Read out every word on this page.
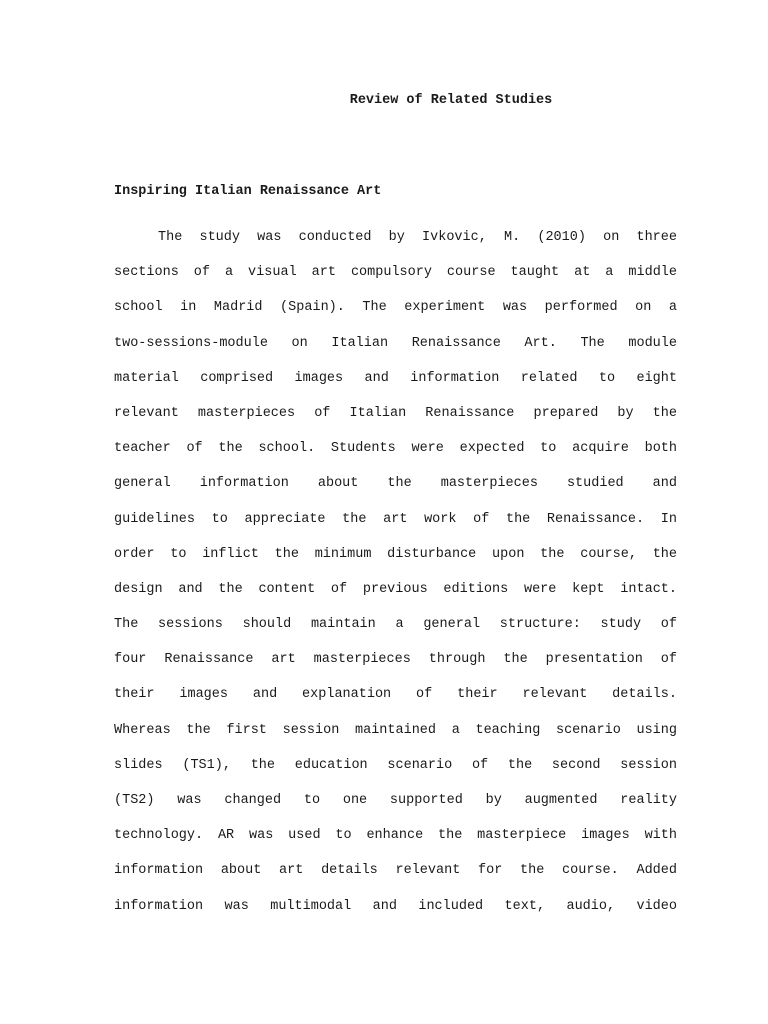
Review of Related Studies
Inspiring Italian Renaissance Art
The study was conducted by Ivkovic, M. (2010) on three
sections of a visual art compulsory course taught at a middle
school in Madrid (Spain). The experiment was performed on a
two-sessions-module on Italian Renaissance Art. The module
material comprised images and information related to eight
relevant masterpieces of Italian Renaissance prepared by the
teacher of the school. Students were expected to acquire both
general information about the masterpieces studied and
guidelines to appreciate the art work of the Renaissance. In
order to inflict the minimum disturbance upon the course, the
design and the content of previous editions were kept intact.
The sessions should maintain a general structure: study of
four Renaissance art masterpieces through the presentation of
their images and explanation of their relevant details.
Whereas the first session maintained a teaching scenario using
slides (TS1), the education scenario of the second session
(TS2) was changed to one supported by augmented reality
technology. AR was used to enhance the masterpiece images with
information about art details relevant for the course. Added
information was multimodal and included text, audio, video
